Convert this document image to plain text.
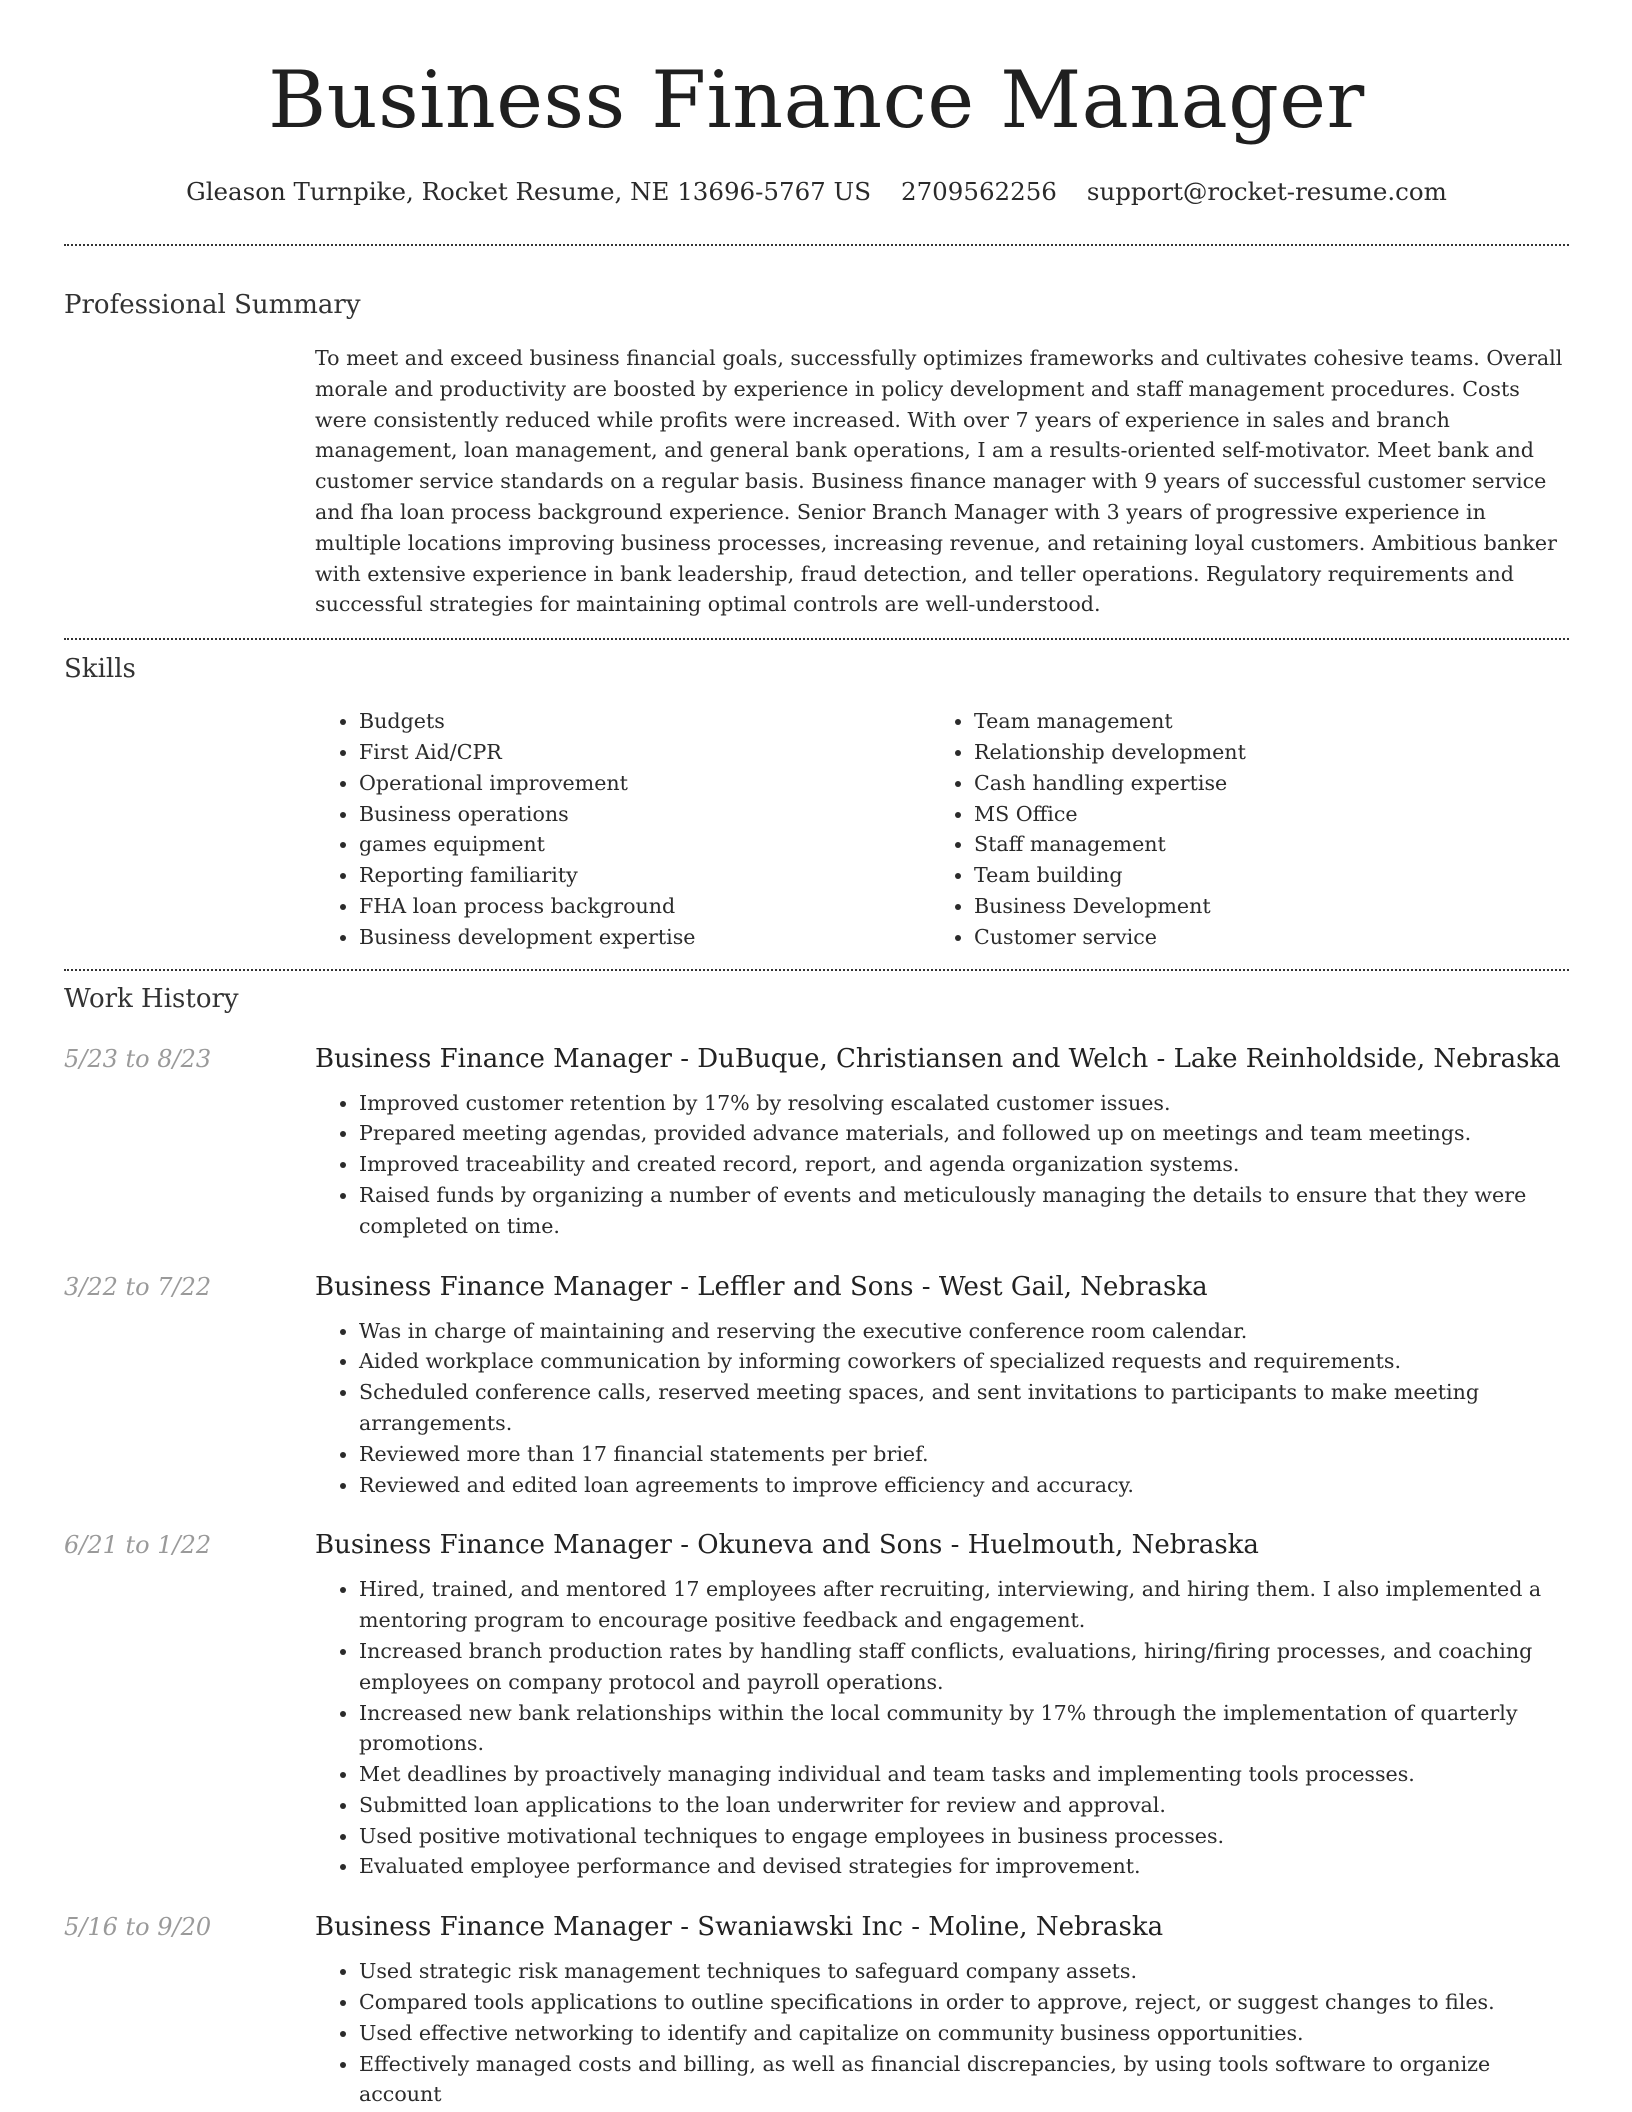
Business Finance Manager
Gleason Turnpike, Rocket Resume, NE 13696-5767 US 2709562256 support@rocket-resume.com
Professional Summary
To meet and exceed business financial goals, successfully optimizes frameworks and cultivates cohesive teams. Overall morale and productivity are boosted by experience in policy development and staff management procedures. Costs were consistently reduced while profits were increased. With over 7 years of experience in sales and branch management, loan management, and general bank operations, I am a results-oriented self-motivator. Meet bank and customer service standards on a regular basis. Business finance manager with 9 years of successful customer service and fha loan process background experience. Senior Branch Manager with 3 years of progressive experience in multiple locations improving business processes, increasing revenue, and retaining loyal customers. Ambitious banker with extensive experience in bank leadership, fraud detection, and teller operations. Regulatory requirements and successful strategies for maintaining optimal controls are well-understood.
Skills
• Budgets
• First Aid/CPR
• Operational improvement
• Business operations
• games equipment
• Reporting familiarity
• FHA loan process background
• Business development expertise
• Team management
• Relationship development
• Cash handling expertise
• MS Office
• Staff management
• Team building
• Business Development
• Customer service
Work History
5/23 to 8/23	Business Finance Manager - DuBuque, Christiansen and Welch - Lake Reinholdside, Nebraska
• Improved customer retention by 17% by resolving escalated customer issues.
• Prepared meeting agendas, provided advance materials, and followed up on meetings and team meetings.
• Improved traceability and created record, report, and agenda organization systems.
• Raised funds by organizing a number of events and meticulously managing the details to ensure that they were completed on time.
3/22 to 7/22	Business Finance Manager - Leffler and Sons - West Gail, Nebraska
• Was in charge of maintaining and reserving the executive conference room calendar.
• Aided workplace communication by informing coworkers of specialized requests and requirements.
• Scheduled conference calls, reserved meeting spaces, and sent invitations to participants to make meeting arrangements.
• Reviewed more than 17 financial statements per brief.
• Reviewed and edited loan agreements to improve efficiency and accuracy.
6/21 to 1/22	Business Finance Manager - Okuneva and Sons - Huelmouth, Nebraska
• Hired, trained, and mentored 17 employees after recruiting, interviewing, and hiring them. I also implemented a mentoring program to encourage positive feedback and engagement.
• Increased branch production rates by handling staff conflicts, evaluations, hiring/firing processes, and coaching employees on company protocol and payroll operations.
• Increased new bank relationships within the local community by 17% through the implementation of quarterly promotions.
• Met deadlines by proactively managing individual and team tasks and implementing tools processes.
• Submitted loan applications to the loan underwriter for review and approval.
• Used positive motivational techniques to engage employees in business processes.
• Evaluated employee performance and devised strategies for improvement.
5/16 to 9/20	Business Finance Manager - Swaniawski Inc - Moline, Nebraska
• Used strategic risk management techniques to safeguard company assets.
• Compared tools applications to outline specifications in order to approve, reject, or suggest changes to files.
• Used effective networking to identify and capitalize on community business opportunities.
• Effectively managed costs and billing, as well as financial discrepancies, by using tools software to organize account
